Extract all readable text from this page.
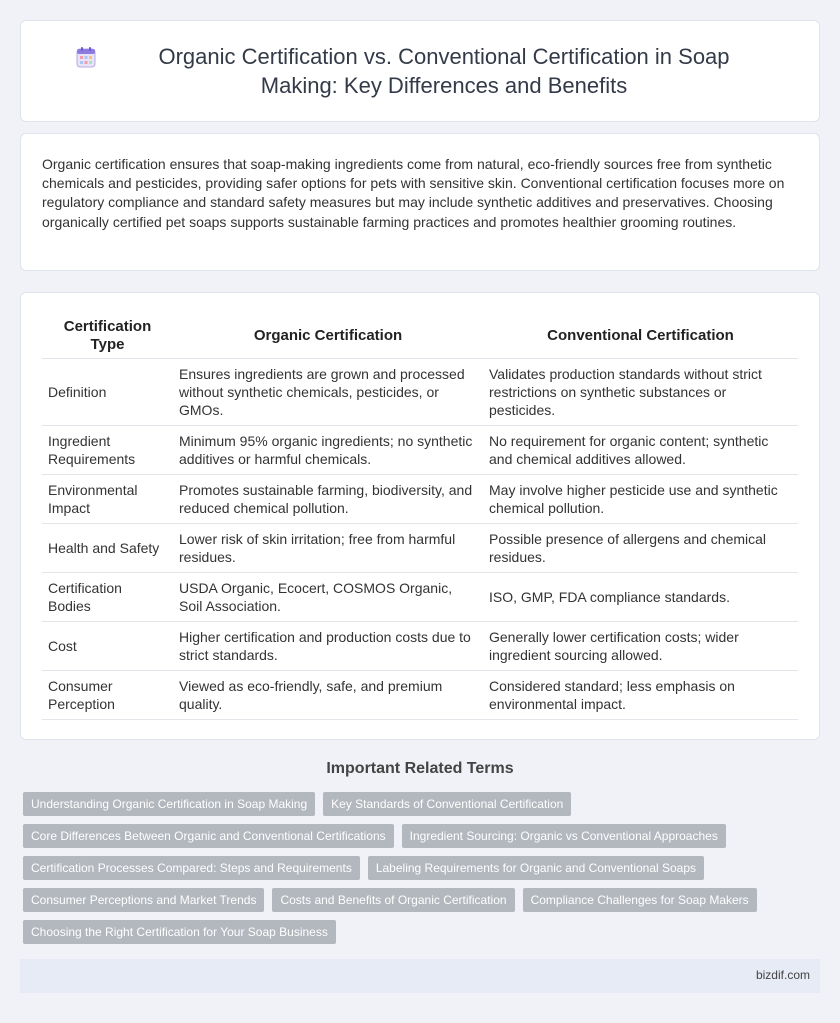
Organic Certification vs. Conventional Certification in Soap Making: Key Differences and Benefits

Organic certification ensures that soap-making ingredients come from natural, eco-friendly sources free from synthetic chemicals and pesticides, providing safer options for pets with sensitive skin. Conventional certification focuses more on regulatory compliance and standard safety measures but may include synthetic additives and preservatives. Choosing organically certified pet soaps supports sustainable farming practices and promotes healthier grooming routines.

Certification Type	Organic Certification	Conventional Certification
Definition	Ensures ingredients are grown and processed without synthetic chemicals, pesticides, or GMOs.	Validates production standards without strict restrictions on synthetic substances or pesticides.
Ingredient Requirements	Minimum 95% organic ingredients; no synthetic additives or harmful chemicals.	No requirement for organic content; synthetic and chemical additives allowed.
Environmental Impact	Promotes sustainable farming, biodiversity, and reduced chemical pollution.	May involve higher pesticide use and synthetic chemical pollution.
Health and Safety	Lower risk of skin irritation; free from harmful residues.	Possible presence of allergens and chemical residues.
Certification Bodies	USDA Organic, Ecocert, COSMOS Organic, Soil Association.	ISO, GMP, FDA compliance standards.
Cost	Higher certification and production costs due to strict standards.	Generally lower certification costs; wider ingredient sourcing allowed.
Consumer Perception	Viewed as eco-friendly, safe, and premium quality.	Considered standard; less emphasis on environmental impact.
Important Related Terms
Understanding Organic Certification in Soap Making	Key Standards of Conventional Certification
Core Differences Between Organic and Conventional Certifications	Ingredient Sourcing: Organic vs Conventional Approaches
Certification Processes Compared: Steps and Requirements	Labeling Requirements for Organic and Conventional Soaps
Consumer Perceptions and Market Trends	Costs and Benefits of Organic Certification	Compliance Challenges for Soap Makers
Choosing the Right Certification for Your Soap Business
bizdif.com
